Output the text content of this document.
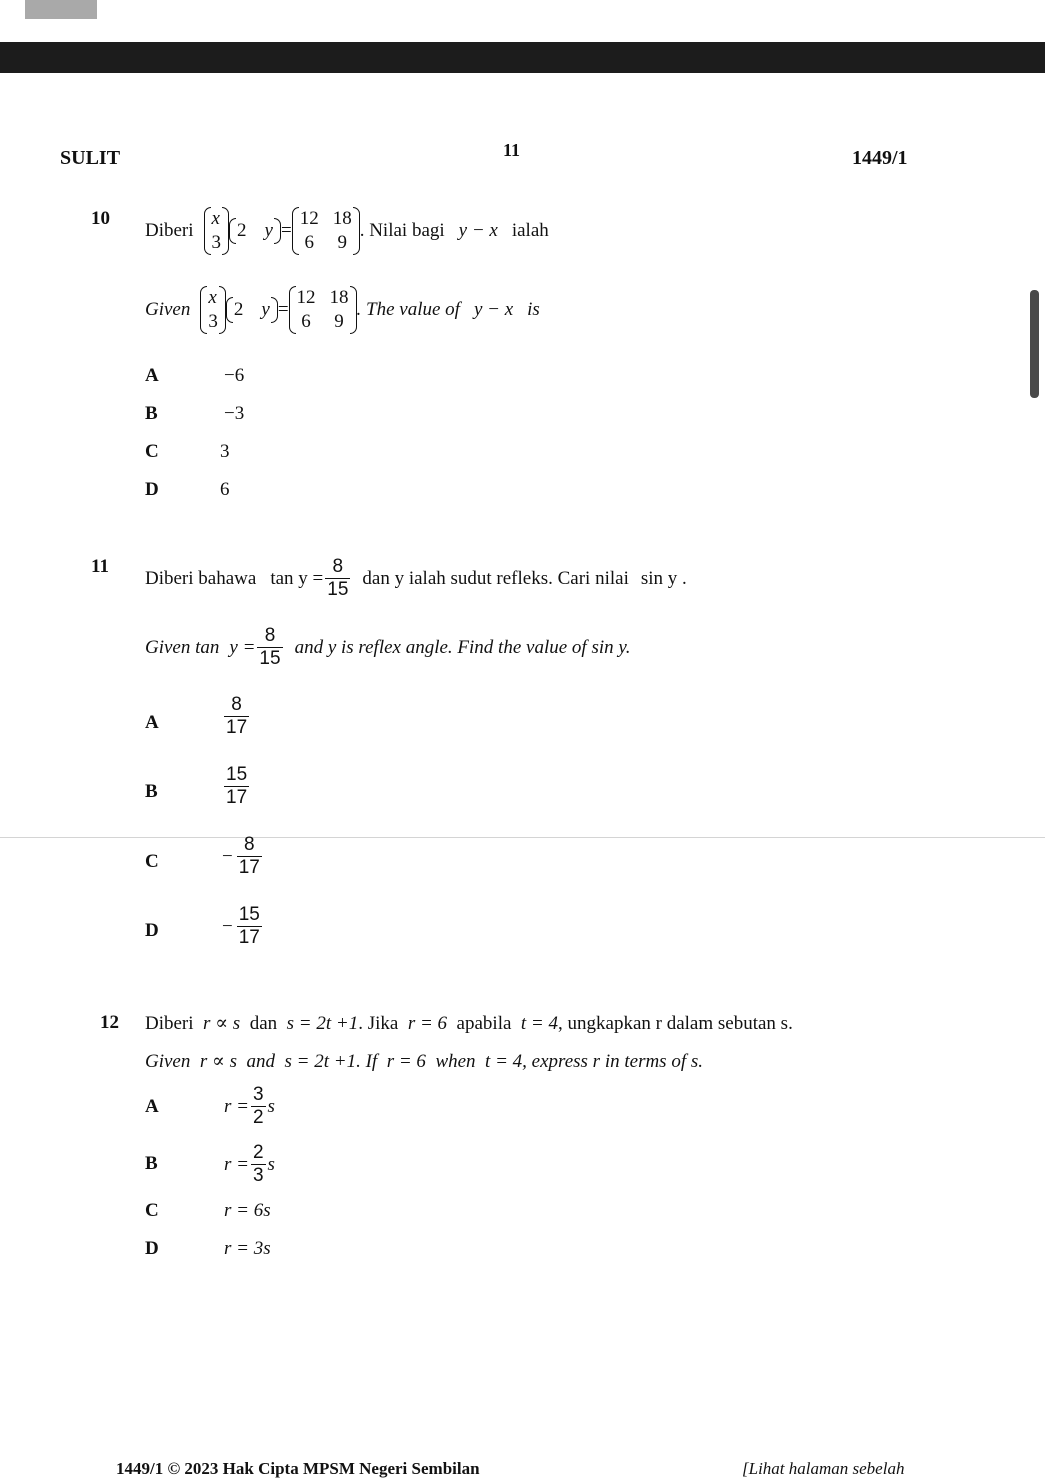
SULIT	11	1449/1
10
Diberi
x
3
2 y =
12 18
6 9
. Nilai bagi y − x ialah
Given
x
3
2 y =
12 18
6 9
. The value of y − x is
A	−6
B	−3
C	3
D	6
11
Diberi bahawa $\tan y = \frac{8}{15}$ dan y ialah sudut refleks. Cari nilai sin y .
Given $\tan y = \frac{8}{15}$ and y is reflex angle. Find the value of sin y.
A	$\frac{8}{17}$
B	$\frac{15}{17}$
C	− $\frac{8}{17}$
D	− $\frac{15}{17}$
12 Diberi r ∝ s dan s = 2t +1. Jika r = 6 apabila t = 4, ungkapkan r dalam sebutan s.
Given r ∝ s and s = 2t +1. If r = 6 when t = 4, express r in terms of s.
A	$r = \frac{3}{2}$ s
B	$r = \frac{2}{3}$ s
C	r = 6s
D	r = 3s
1449/1 © 2023 Hak Cipta MPSM Negeri Sembilan	[Lihat halaman sebelah
